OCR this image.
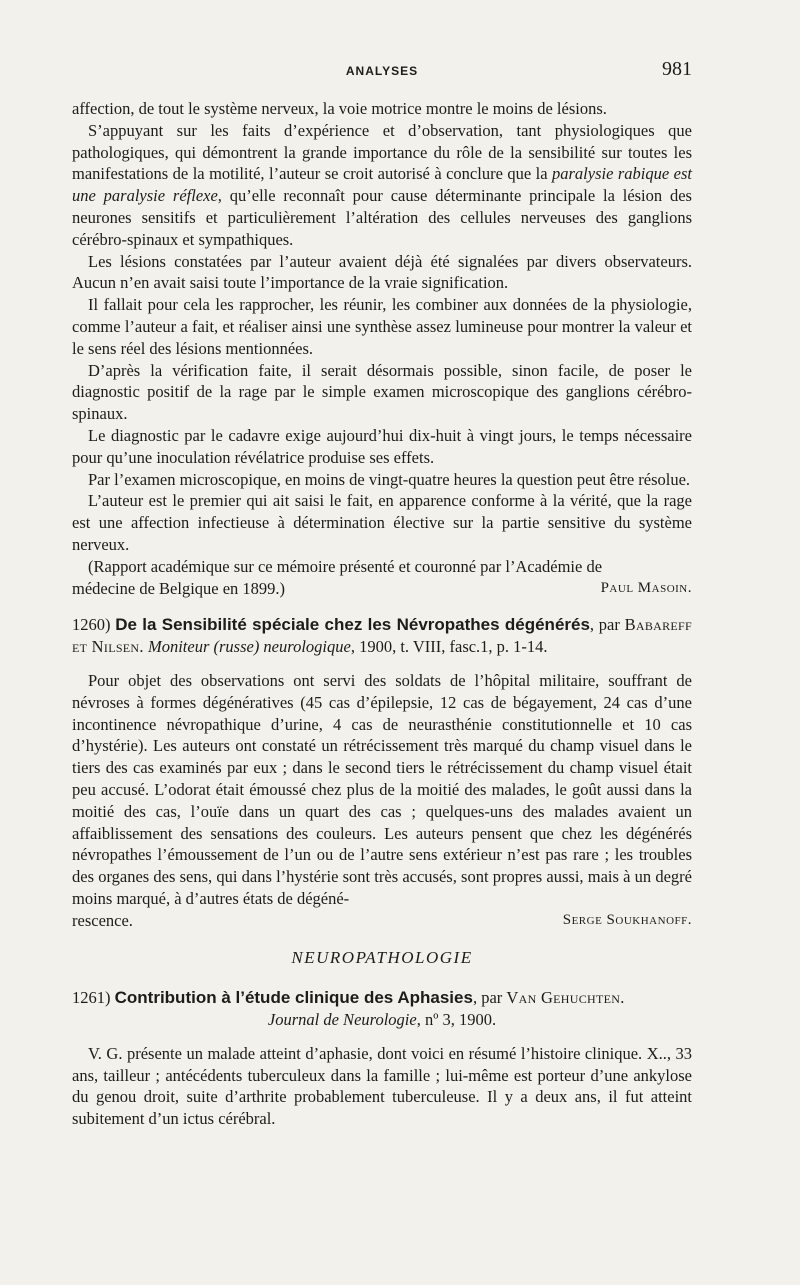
ANALYSES	981

affection, de tout le système nerveux, la voie motrice montre le moins de lésions.

S’appuyant sur les faits d’expérience et d’observation, tant physiologiques que pathologiques, qui démontrent la grande importance du rôle de la sensibilité sur toutes les manifestations de la motilité, l’auteur se croit autorisé à conclure que la paralysie rabique est une paralysie réflexe, qu’elle reconnaît pour cause déterminante principale la lésion des neurones sensitifs et particulièrement l’altération des cellules nerveuses des ganglions cérébro-spinaux et sympathiques.

Les lésions constatées par l’auteur avaient déjà été signalées par divers observateurs. Aucun n’en avait saisi toute l’importance de la vraie signification.

Il fallait pour cela les rapprocher, les réunir, les combiner aux données de la physiologie, comme l’auteur a fait, et réaliser ainsi une synthèse assez lumineuse pour montrer la valeur et le sens réel des lésions mentionnées.

D’après la vérification faite, il serait désormais possible, sinon facile, de poser le diagnostic positif de la rage par le simple examen microscopique des ganglions cérébro-spinaux.

Le diagnostic par le cadavre exige aujourd’hui dix-huit à vingt jours, le temps nécessaire pour qu’une inoculation révélatrice produise ses effets.

Par l’examen microscopique, en moins de vingt-quatre heures la question peut être résolue.

L’auteur est le premier qui ait saisi le fait, en apparence conforme à la vérité, que la rage est une affection infectieuse à détermination élective sur la partie sensitive du système nerveux.

(Rapport académique sur ce mémoire présenté et couronné par l’Académie de

médecine de Belgique en 1899.)	Paul Masoin.

1260) De la Sensibilité spéciale chez les Névropathes dégénérés, par Babareff et Nilsen. Moniteur (russe) neurologique, 1900, t. VIII, fasc.1, p. 1-14.

Pour objet des observations ont servi des soldats de l’hôpital militaire, souffrant de névroses à formes dégénératives (45 cas d’épilepsie, 12 cas de bégayement, 24 cas d’une incontinence névropathique d’urine, 4 cas de neurasthénie constitutionnelle et 10 cas d’hystérie). Les auteurs ont constaté un rétrécissement très marqué du champ visuel dans le tiers des cas examinés par eux ; dans le second tiers le rétrécissement du champ visuel était peu accusé. L’odorat était émoussé chez plus de la moitié des malades, le goût aussi dans la moitié des cas, l’ouïe dans un quart des cas ; quelques-uns des malades avaient un affaiblissement des sensations des couleurs. Les auteurs pensent que chez les dégénérés névropathes l’émoussement de l’un ou de l’autre sens extérieur n’est pas rare ; les troubles des organes des sens, qui dans l’hystérie sont très accusés, sont propres aussi, mais à un degré moins marqué, à d’autres états de dégéné-

rescence.	Serge Soukhanoff.

NEUROPATHOLOGIE

1261) Contribution à l’étude clinique des Aphasies, par Van Gehuchten.

Journal de Neurologie, nº 3, 1900.

V. G. présente un malade atteint d’aphasie, dont voici en résumé l’histoire clinique. X.., 33 ans, tailleur ; antécédents tuberculeux dans la famille ; lui-même est porteur d’une ankylose du genou droit, suite d’arthrite probablement tuberculeuse. Il y a deux ans, il fut atteint subitement d’un ictus cérébral.
